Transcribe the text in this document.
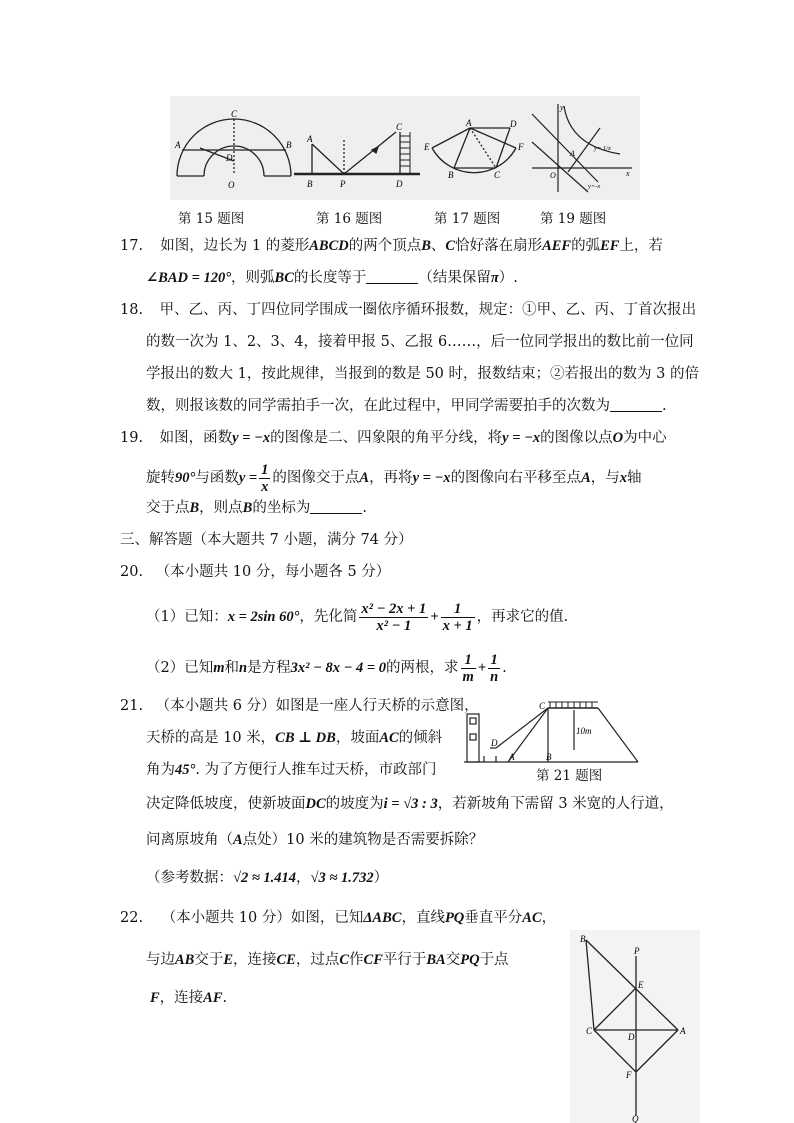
A	B
C
D
O
A
B	P
C
D
A	D
E	F
B	C
y
x
O
A
y= 1/x
y=-x
第 15 题图	第 16 题图	第 17 题图	第 19 题图
17. 如图，边长为 1 的菱形ABCD的两个顶点B、C恰好落在扇形AEF的弧EF上，若
∠BAD = 120°，则弧BC的长度等于	（结果保留π）.
18. 甲、乙、丙、丁四位同学围成一圈依序循环报数，规定：①甲、乙、丙、丁首次报出
的数一次为 1、2、3、4，接着甲报 5、乙报 6……，后一位同学报出的数比前一位同
学报出的数大 1，按此规律，当报到的数是 50 时，报数结束；②若报出的数为 3 的倍
数，则报该数的同学需拍手一次，在此过程中，甲同学需要拍手的次数为	.
19. 如图，函数y = −x的图像是二、四象限的角平分线，将y = −x的图像以点O为中心
旋转90°与函数$y = \frac{1}{x}$ 的图像交于点A，再将y = −x的图像向右平移至点A，与x轴
交于点B，则点B的坐标为	.
三、解答题（本大题共 7 小题，满分 74 分）
20. （本小题共 10 分，每小题各 5 分）
（1）已知：x = 2sin 60°，先化简 $\frac{\text{x² − 2x + 1}}{\text{x² − 1}} + \frac{1}{x + 1}$ ，再求它的值.
（2）已知m和n是方程3x² − 8x − 4 = 0的两根，求 $\frac{1}{m} + \frac{1}{n}$ .
21. （本小题共 6 分）如图是一座人行天桥的示意图，
天桥的高是 10 米，CB ⊥ DB，坡面AC的倾斜
角为45°. 为了方便行人推车过天桥，市政部门
决定降低坡度，使新坡面DC的坡度为i = √3 : 3，若新坡角下需留 3 米宽的人行道，
问离原坡角（A点处）10 米的建筑物是否需要拆除？
（参考数据：√2 ≈ 1.414，√3 ≈ 1.732）
C
D
A	B
10m
第 21 题图
22. （本小题共 10 分）如图，已知ΔABC，直线PQ垂直平分AC，
与边AB交于E，连接CE，过点C作CF平行于BA交PQ于点
F，连接AF.
B
P
E
C
D
A
F
Q
